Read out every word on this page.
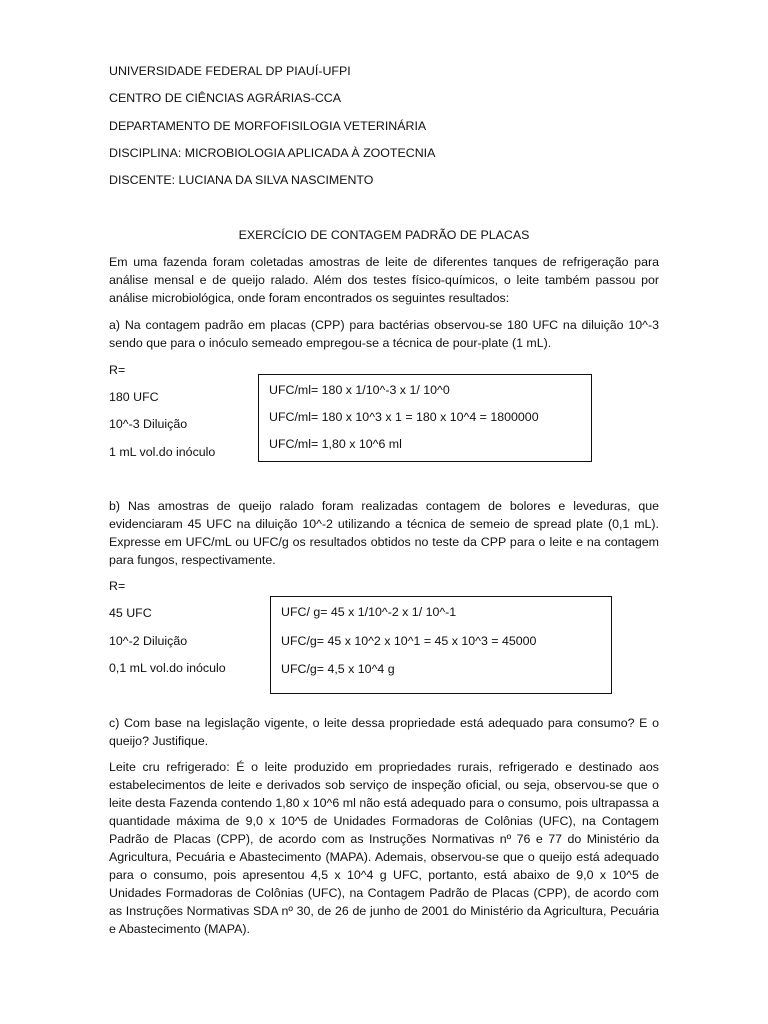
UNIVERSIDADE FEDERAL DP PIAUÍ-UFPI
CENTRO DE CIÊNCIAS AGRÁRIAS-CCA
DEPARTAMENTO DE MORFOFISILOGIA VETERINÁRIA
DISCIPLINA: MICROBIOLOGIA APLICADA À ZOOTECNIA
DISCENTE: LUCIANA DA SILVA NASCIMENTO
EXERCÍCIO DE CONTAGEM PADRÃO DE PLACAS

Em uma fazenda foram coletadas amostras de leite de diferentes tanques de refrigeração para análise mensal e de queijo ralado. Além dos testes físico-químicos, o leite também passou por análise microbiológica, onde foram encontrados os seguintes resultados:

a) Na contagem padrão em placas (CPP) para bactérias observou-se 180 UFC na diluição 10^-3 sendo que para o inóculo semeado empregou-se a técnica de pour-plate (1 mL).

R=
180 UFC
10^-3 Diluição
1 mL vol.do inóculo
UFC/ml= 180 x 1/10^-3 x 1/ 10^0
UFC/ml= 180 x 10^3 x 1 = 180 x 10^4 = 1800000
UFC/ml= 1,80 x 10^6 ml

b) Nas amostras de queijo ralado foram realizadas contagem de bolores e leveduras, que evidenciaram 45 UFC na diluição 10^-2 utilizando a técnica de semeio de spread plate (0,1 mL). Expresse em UFC/mL ou UFC/g os resultados obtidos no teste da CPP para o leite e na contagem para fungos, respectivamente.

R=
45 UFC
10^-2 Diluição
0,1 mL vol.do inóculo
UFC/ g= 45 x 1/10^-2 x 1/ 10^-1
UFC/g= 45 x 10^2 x 10^1 = 45 x 10^3 = 45000
UFC/g= 4,5 x 10^4 g

c) Com base na legislação vigente, o leite dessa propriedade está adequado para consumo? E o queijo? Justifique.

Leite cru refrigerado: É o leite produzido em propriedades rurais, refrigerado e destinado aos estabelecimentos de leite e derivados sob serviço de inspeção oficial, ou seja, observou-se que o leite desta Fazenda contendo 1,80 x 10^6 ml não está adequado para o consumo, pois ultrapassa a quantidade máxima de 9,0 x 10^5 de Unidades Formadoras de Colônias (UFC), na Contagem Padrão de Placas (CPP), de acordo com as Instruções Normativas nº 76 e 77 do Ministério da Agricultura, Pecuária e Abastecimento (MAPA). Ademais, observou-se que o queijo está adequado para o consumo, pois apresentou 4,5 x 10^4 g UFC, portanto, está abaixo de 9,0 x 10^5 de Unidades Formadoras de Colônias (UFC), na Contagem Padrão de Placas (CPP), de acordo com as Instruções Normativas SDA nº 30, de 26 de junho de 2001 do Ministério da Agricultura, Pecuária e Abastecimento (MAPA).
